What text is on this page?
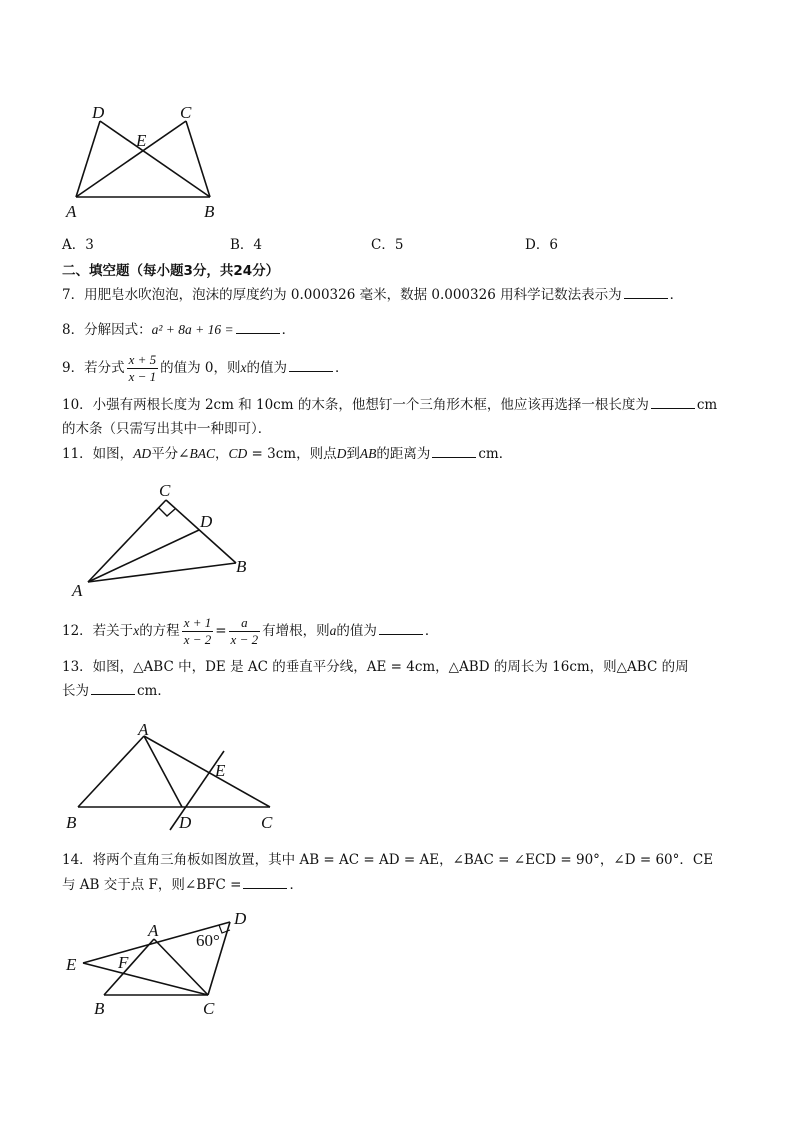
D	C
E
A	B
A．3	B．4	C．5	D．6
二、填空题（每小题3分，共24分）
7．用肥皂水吹泡泡，泡沫的厚度约为 0.000326 毫米，数据 0.000326 用科学记数法表示为	．
8．分解因式：a² + 8a + 16 =	．
9．若分式 $\frac{x + 5}{x - 1}$ 的值为 0，则x的值为	．
10．小强有两根长度为 2cm 和 10cm 的木条，他想钉一个三角形木框，他应该再选择一根长度为	cm
的木条（只需写出其中一种即可）．
11．如图，AD平分∠BAC，CD = 3cm，则点D到AB的距离为	cm．
C
D
A
B
12．若关于x的方程 $\frac{x + 1}{x - 2} = \frac{a}{x - 2}$ 有增根，则a的值为	．
13．如图，△ABC 中，DE 是 AC 的垂直平分线，AE = 4cm，△ABD 的周长为 16cm，则△ABC 的周
长为	cm．
A
E
B	D	C
14．将两个直角三角板如图放置，其中 AB = AC = AD = AE，∠BAC = ∠ECD = 90°，∠D = 60°．CE
与 AB 交于点 F，则∠BFC =	．
D
A
60°
E F
B	C
